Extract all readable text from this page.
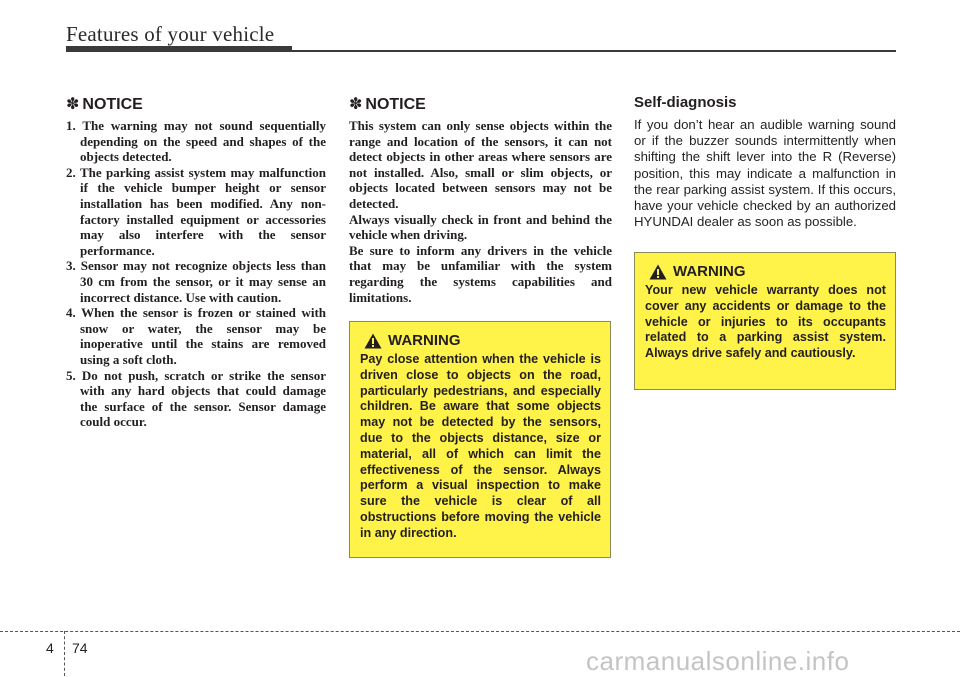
Features of your vehicle
✽ NOTICE
1. The warning may not sound sequentially depending on the speed and shapes of the objects detected.
2. The parking assist system may malfunction if the vehicle bumper height or sensor installation has been modified. Any non-factory installed equipment or accessories may also interfere with the sensor performance.
3. Sensor may not recognize objects less than 30 cm from the sensor, or it may sense an incorrect distance. Use with caution.
4. When the sensor is frozen or stained with snow or water, the sensor may be inoperative until the stains are removed using a soft cloth.
5. Do not push, scratch or strike the sensor with any hard objects that could damage the surface of the sensor. Sensor damage could occur.
✽ NOTICE

This system can only sense objects within the range and location of the sensors, it can not detect objects in other areas where sensors are not installed. Also, small or slim objects, or objects located between sensors may not be detected.

Always visually check in front and behind the vehicle when driving.

Be sure to inform any drivers in the vehicle that may be unfamiliar with the system regarding the systems capabilities and limitations.

WARNING

Pay close attention when the vehicle is driven close to objects on the road, particularly pedestrians, and especially children. Be aware that some objects may not be detected by the sensors, due to the objects distance, size or material, all of which can limit the effectiveness of the sensor. Always perform a visual inspection to make sure the vehicle is clear of all obstructions before moving the vehicle in any direction.

Self-diagnosis

If you don’t hear an audible warning sound or if the buzzer sounds intermittently when shifting the shift lever into the R (Reverse) position, this may indicate a malfunction in the rear parking assist system. If this occurs, have your vehicle checked by an authorized HYUNDAI dealer as soon as possible.

WARNING

Your new vehicle warranty does not cover any accidents or damage to the vehicle or injuries to its occupants related to a parking assist system. Always drive safely and cautiously.

4 74	carmanualsonline.info
